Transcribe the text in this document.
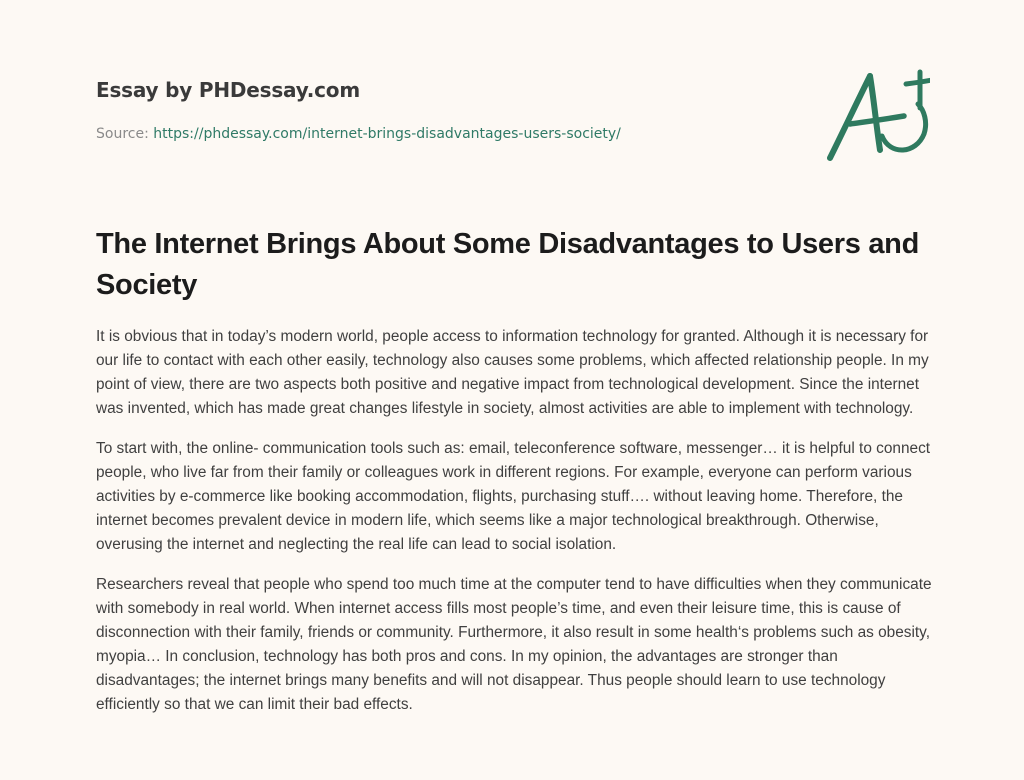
Essay by PHDessay.com
Source: https://phdessay.com/internet-brings-disadvantages-users-society/
The Internet Brings About Some Disadvantages to Users and Society

It is obvious that in today’s modern world, people access to information technology for granted. Although it is necessary for our life to contact with each other easily, technology also causes some problems, which affected relationship people. In my point of view, there are two aspects both positive and negative impact from technological development. Since the internet was invented, which has made great changes lifestyle in society, almost activities are able to implement with technology.

To start with, the online- communication tools such as: email, teleconference software, messenger… it is helpful to connect people, who live far from their family or colleagues work in different regions. For example, everyone can perform various activities by e-commerce like booking accommodation, flights, purchasing stuff…. without leaving home. Therefore, the internet becomes prevalent device in modern life, which seems like a major technological breakthrough. Otherwise, overusing the internet and neglecting the real life can lead to social isolation.

Researchers reveal that people who spend too much time at the computer tend to have difficulties when they communicate with somebody in real world. When internet access fills most people’s time, and even their leisure time, this is cause of disconnection with their family, friends or community. Furthermore, it also result in some health‘s problems such as obesity, myopia… In conclusion, technology has both pros and cons. In my opinion, the advantages are stronger than disadvantages; the internet brings many benefits and will not disappear. Thus people should learn to use technology efficiently so that we can limit their bad effects.
